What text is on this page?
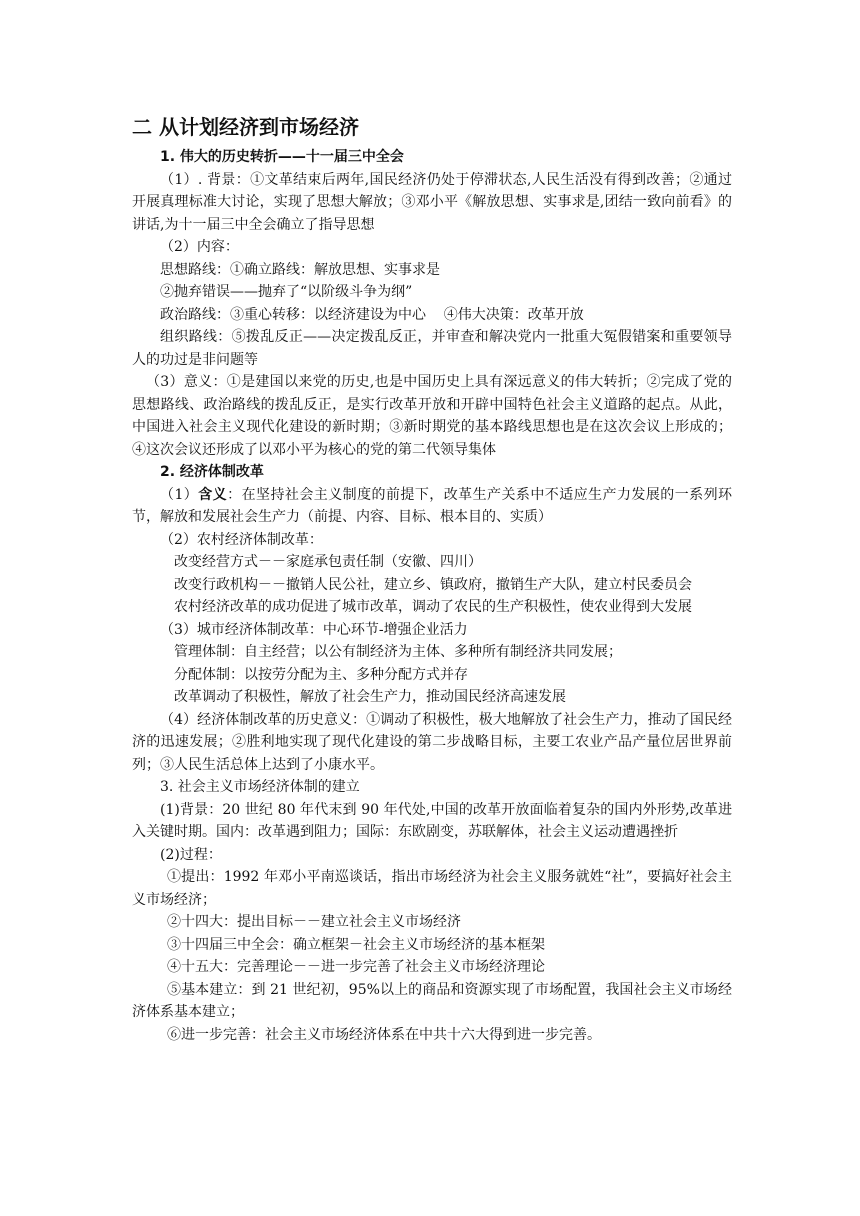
二 从计划经济到市场经济
1. 伟大的历史转折——十一届三中全会
（1）. 背景：①文革结束后两年,国民经济仍处于停滞状态,人民生活没有得到改善；②通过开展真理标准大讨论，实现了思想大解放；③邓小平《解放思想、实事求是,团结一致向前看》的讲话,为十一届三中全会确立了指导思想
（2）内容：
思想路线：①确立路线：解放思想、实事求是
②抛弃错误——抛弃了“以阶级斗争为纲”
政治路线：③重心转移：以经济建设为中心    ④伟大决策：改革开放
组织路线：⑤拨乱反正——决定拨乱反正，并审查和解决党内一批重大冤假错案和重要领导人的功过是非问题等
（3）意义：①是建国以来党的历史,也是中国历史上具有深远意义的伟大转折；②完成了党的思想路线、政治路线的拨乱反正，是实行改革开放和开辟中国特色社会主义道路的起点。从此，中国进入社会主义现代化建设的新时期；③新时期党的基本路线思想也是在这次会议上形成的；④这次会议还形成了以邓小平为核心的党的第二代领导集体
2. 经济体制改革
（1）含义：在坚持社会主义制度的前提下，改革生产关系中不适应生产力发展的一系列环节，解放和发展社会生产力（前提、内容、目标、根本目的、实质）
（2）农村经济体制改革：
改变经营方式－－家庭承包责任制（安徽、四川）
改变行政机构－－撤销人民公社，建立乡、镇政府，撤销生产大队，建立村民委员会
农村经济改革的成功促进了城市改革，调动了农民的生产积极性，使农业得到大发展
（3）城市经济体制改革：中心环节-增强企业活力
管理体制：自主经营；以公有制经济为主体、多种所有制经济共同发展；
分配体制：以按劳分配为主、多种分配方式并存
改革调动了积极性，解放了社会生产力，推动国民经济高速发展
（4）经济体制改革的历史意义：①调动了积极性，极大地解放了社会生产力，推动了国民经济的迅速发展；②胜利地实现了现代化建设的第二步战略目标，主要工农业产品产量位居世界前列；③人民生活总体上达到了小康水平。
3. 社会主义市场经济体制的建立
(1)背景：20 世纪 80 年代末到 90 年代处,中国的改革开放面临着复杂的国内外形势,改革进入关键时期。国内：改革遇到阻力；国际：东欧剧变，苏联解体，社会主义运动遭遇挫折
(2)过程：
①提出：1992 年邓小平南巡谈话，指出市场经济为社会主义服务就姓“社”，要搞好社会主义市场经济；
②十四大：提出目标－－建立社会主义市场经济
③十四届三中全会：确立框架－社会主义市场经济的基本框架
④十五大：完善理论－－进一步完善了社会主义市场经济理论
⑤基本建立：到 21 世纪初，95%以上的商品和资源实现了市场配置，我国社会主义市场经济体系基本建立；
⑥进一步完善：社会主义市场经济体系在中共十六大得到进一步完善。
